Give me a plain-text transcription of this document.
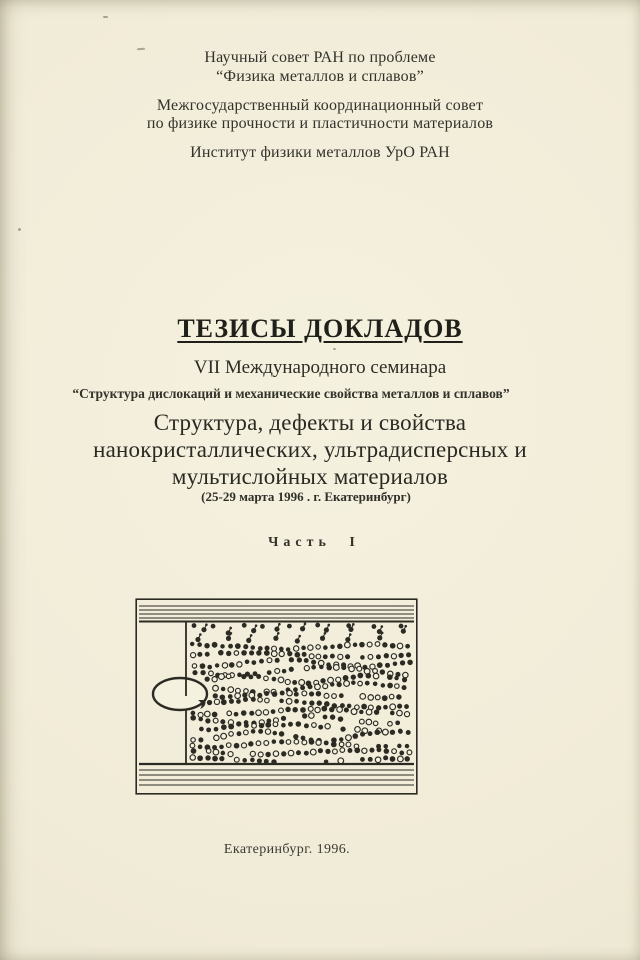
Научный совет РАН по проблеме
“Физика металлов и сплавов”
Межгосударственный координационный совет
по физике прочности и пластичности материалов
Институт физики металлов УрО РАН
ТЕЗИСЫ ДОКЛАДОВ
VII Международного семинара
“Структура дислокаций и механические свойства металлов и сплавов”
Структура, дефекты и свойства
нанокристаллических, ультрадисперсных и
мультислойных материалов
(25-29 марта 1996 . г. Екатеринбург)
Часть I
Екатеринбург. 1996.
